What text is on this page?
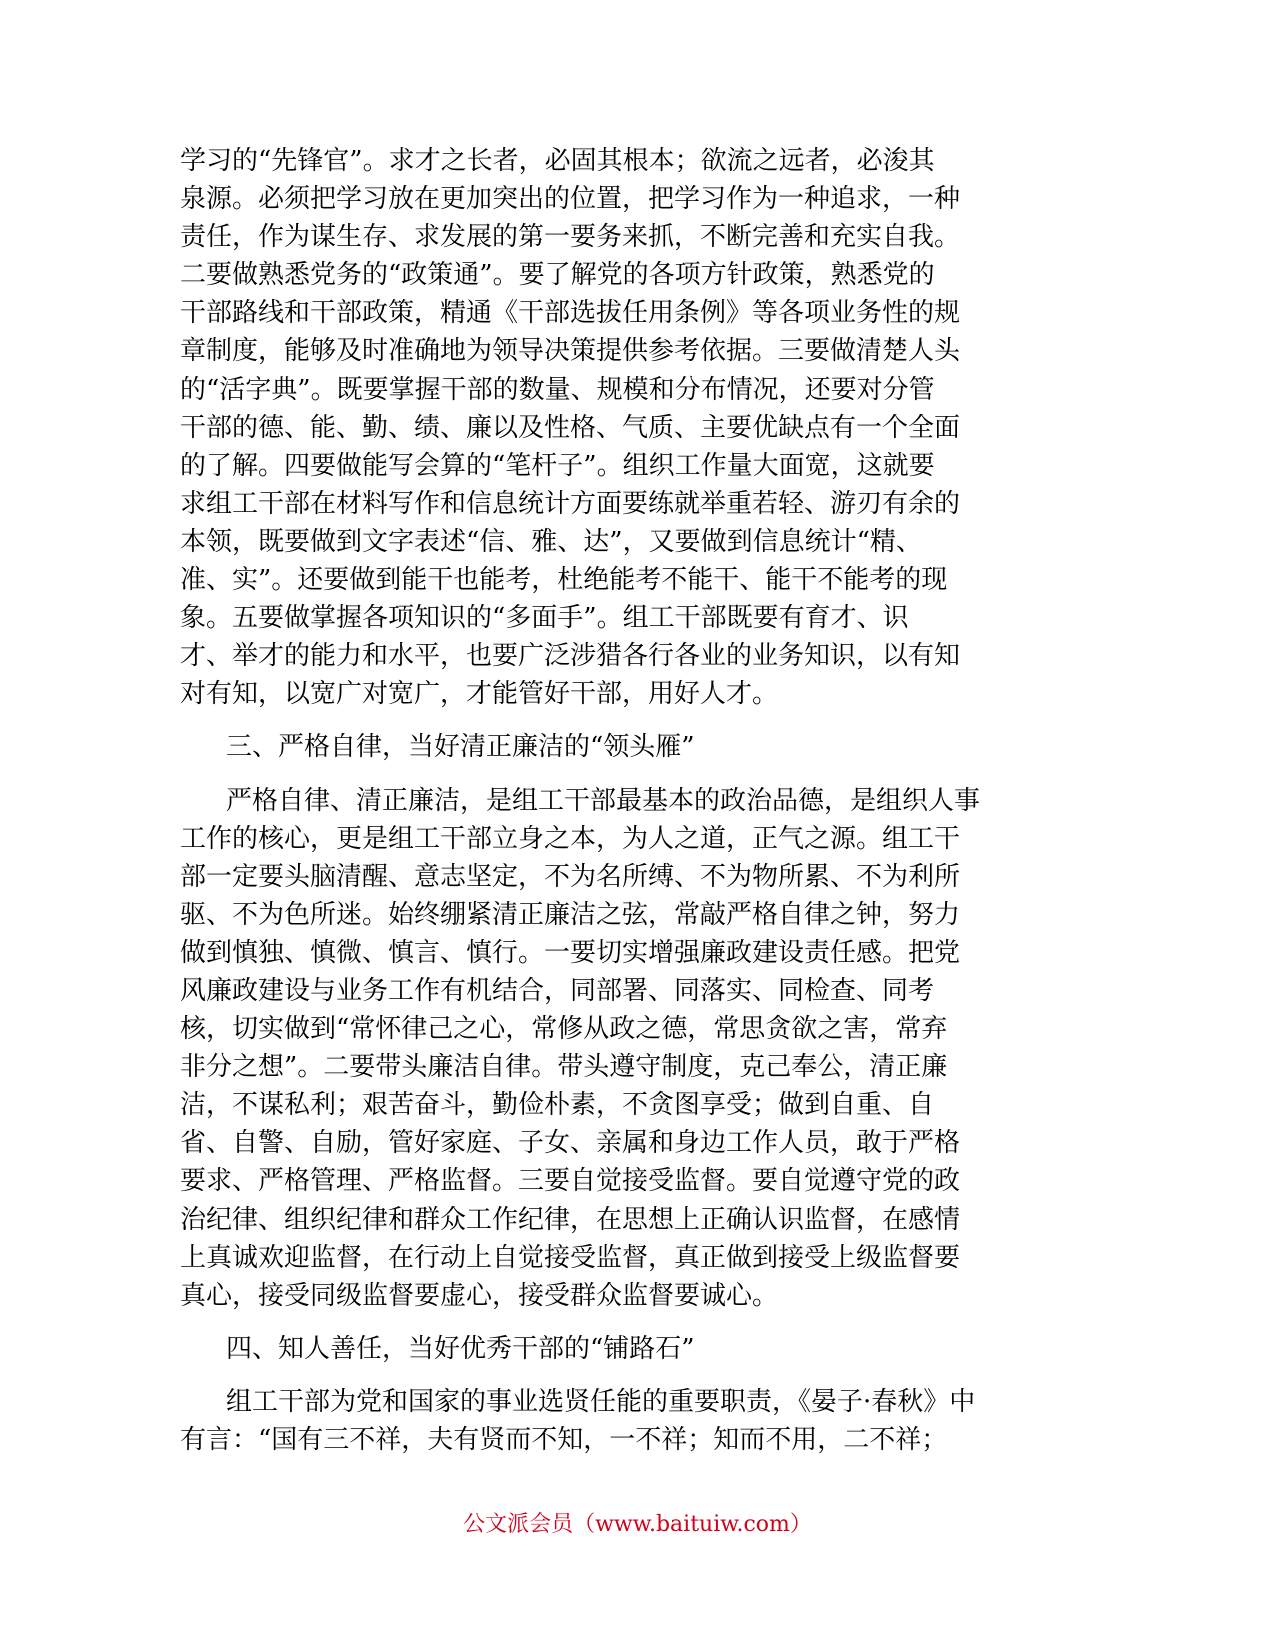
学习的“先锋官”。求才之长者，必固其根本；欲流之远者，必浚其
泉源。必须把学习放在更加突出的位置，把学习作为一种追求，一种
责任，作为谋生存、求发展的第一要务来抓，不断完善和充实自我。
二要做熟悉党务的“政策通”。要了解党的各项方针政策，熟悉党的
干部路线和干部政策，精通《干部选拔任用条例》等各项业务性的规
章制度，能够及时准确地为领导决策提供参考依据。三要做清楚人头
的“活字典”。既要掌握干部的数量、规模和分布情况，还要对分管
干部的德、能、勤、绩、廉以及性格、气质、主要优缺点有一个全面
的了解。四要做能写会算的“笔杆子”。组织工作量大面宽，这就要
求组工干部在材料写作和信息统计方面要练就举重若轻、游刃有余的
本领，既要做到文字表述“信、雅、达”，又要做到信息统计“精、
准、实”。还要做到能干也能考，杜绝能考不能干、能干不能考的现
象。五要做掌握各项知识的“多面手”。组工干部既要有育才、识
才、举才的能力和水平，也要广泛涉猎各行各业的业务知识，以有知
对有知，以宽广对宽广，才能管好干部，用好人才。
三、严格自律，当好清正廉洁的“领头雁”
严格自律、清正廉洁，是组工干部最基本的政治品德，是组织人事
工作的核心，更是组工干部立身之本，为人之道，正气之源。组工干
部一定要头脑清醒、意志坚定，不为名所缚、不为物所累、不为利所
驱、不为色所迷。始终绷紧清正廉洁之弦，常敲严格自律之钟，努力
做到慎独、慎微、慎言、慎行。一要切实增强廉政建设责任感。把党
风廉政建设与业务工作有机结合，同部署、同落实、同检查、同考
核，切实做到“常怀律己之心，常修从政之德，常思贪欲之害，常弃
非分之想”。二要带头廉洁自律。带头遵守制度，克己奉公，清正廉
洁，不谋私利；艰苦奋斗，勤俭朴素，不贪图享受；做到自重、自
省、自警、自励，管好家庭、子女、亲属和身边工作人员，敢于严格
要求、严格管理、严格监督。三要自觉接受监督。要自觉遵守党的政
治纪律、组织纪律和群众工作纪律，在思想上正确认识监督，在感情
上真诚欢迎监督，在行动上自觉接受监督，真正做到接受上级监督要
真心，接受同级监督要虚心，接受群众监督要诚心。
四、知人善任，当好优秀干部的“铺路石”
组工干部为党和国家的事业选贤任能的重要职责，《晏子·春秋》中
有言：“国有三不祥，夫有贤而不知，一不祥；知而不用，二不祥；
公文派会员（www.baituiw.com）
